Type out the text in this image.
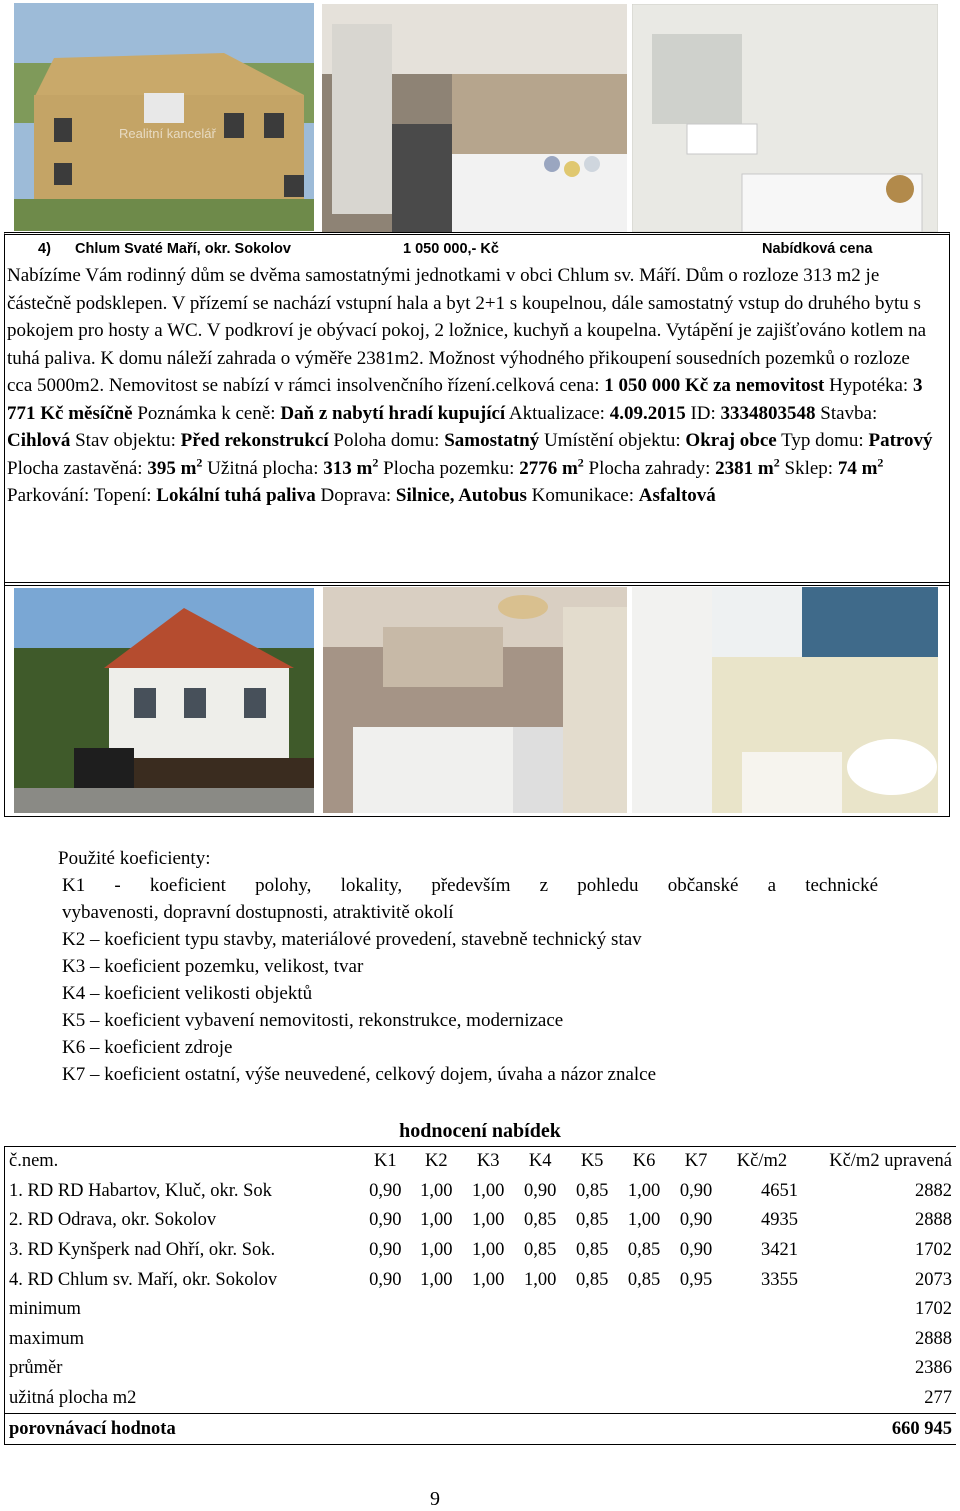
Realitní kancelář
4) Chlum Svaté Maří, okr. Sokolov	1 050 000,- Kč	Nabídková cena
Nabízíme Vám rodinný dům se dvěma samostatnými jednotkami v obci Chlum sv. Máří. Dům o rozloze 313 m2 je částečně podsklepen. V přízemí se nachází vstupní hala a byt 2+1 s koupelnou, dále samostatný vstup do druhého bytu s pokojem pro hosty a WC. V podkroví je obývací pokoj, 2 ložnice, kuchyň a koupelna. Vytápění je zajišťováno kotlem na tuhá paliva. K domu náleží zahrada o výměře 2381m2. Možnost výhodného přikoupení sousedních pozemků o rozloze cca 5000m2. Nemovitost se nabízí v rámci insolvenčního řízení.celková cena: 1 050 000 Kč za nemovitost Hypotéka: 3 771 Kč měsíčně Poznámka k ceně: Daň z nabytí hradí kupující Aktualizace: 4.09.2015 ID: 3334803548 Stavba: Cihlová Stav objektu: Před rekonstrukcí Poloha domu: Samostatný Umístění objektu: Okraj obce Typ domu: Patrový Plocha zastavěná: 395 $m^2$ Užitná plocha: 313 $m^2$ Plocha pozemku: 2776 $m^2$ Plocha zahrady: 2381 $m^2$ Sklep: 74 $m^2$ Parkování: Topení: Lokální tuhá paliva Doprava: Silnice, Autobus Komunikace: Asfaltová
Použité koeficienty:
K1 - koeficient polohy, lokality, především z pohledu občanské a technické
vybavenosti, dopravní dostupnosti, atraktivitě okolí
K2 – koeficient typu stavby, materiálové provedení, stavebně technický stav
K3 – koeficient pozemku, velikost, tvar
K4 – koeficient velikosti objektů
K5 – koeficient vybavení nemovitosti, rekonstrukce, modernizace
K6 – koeficient zdroje
K7 – koeficient ostatní, výše neuvedené, celkový dojem, úvaha a názor znalce
hodnocení nabídek
č.nem.	K1	K2	K3	K4	K5	K6	K7	Kč/m2	Kč/m2 upravená
1. RD RD Habartov, Kluč, okr. Sok	0,90	1,00	1,00	0,90	0,85	1,00	0,90	4651	2882
2. RD Odrava, okr. Sokolov	0,90	1,00	1,00	0,85	0,85	1,00	0,90	4935	2888
3. RD Kynšperk nad Ohří, okr. Sok.	0,90	1,00	1,00	0,85	0,85	0,85	0,90	3421	1702
4. RD Chlum sv. Maří, okr. Sokolov	0,90	1,00	1,00	1,00	0,85	0,85	0,95	3355	2073
minimum									1702
maximum									2888
průměr									2386
užitná plocha m2									277
porovnávací hodnota									660 945
9
